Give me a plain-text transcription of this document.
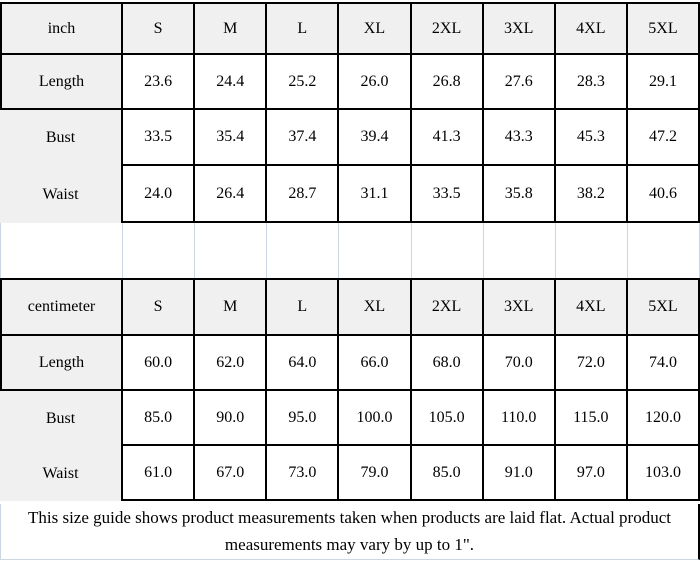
inch	S	M	L	XL	2XL	3XL	4XL	5XL
Length	23.6	24.4	25.2	26.0	26.8	27.6	28.3	29.1
Bust	33.5	35.4	37.4	39.4	41.3	43.3	45.3	47.2
Waist	24.0	26.4	28.7	31.1	33.5	35.8	38.2	40.6
centimeter	S	M	L	XL	2XL	3XL	4XL	5XL
Length	60.0	62.0	64.0	66.0	68.0	70.0	72.0	74.0
Bust	85.0	90.0	95.0	100.0	105.0	110.0	115.0	120.0
Waist	61.0	67.0	73.0	79.0	85.0	91.0	97.0	103.0

This size guide shows product measurements taken when products are laid flat. Actual product measurements may vary by up to 1".
